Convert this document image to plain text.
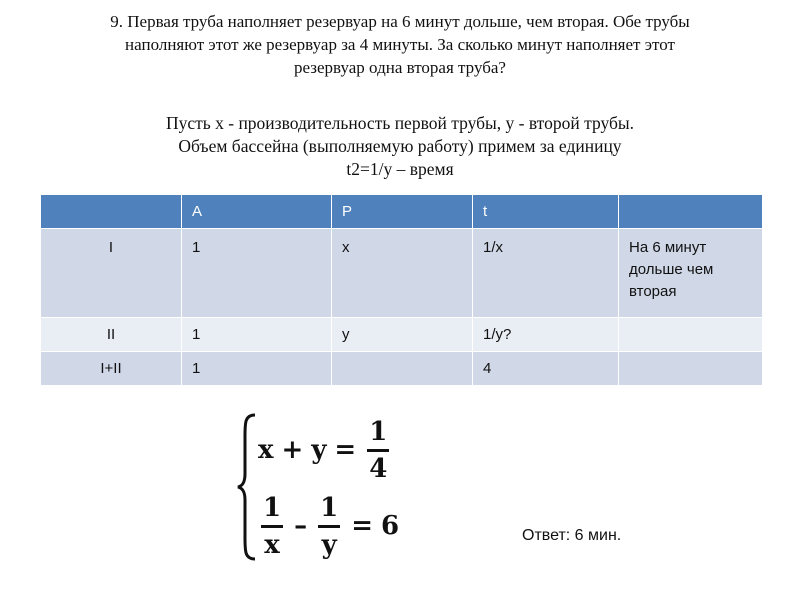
9. Первая труба наполняет резервуар на 6 минут дольше, чем вторая. Обе трубы
наполняют этот же резервуар за 4 минуты. За сколько минут наполняет этот
резервуар одна вторая труба?

Пусть х - производительность первой трубы, у - второй трубы.

Объем бассейна (выполняемую работу) примем за единицу

t2=1/у – время

	A	P	t	
I	1	x	1/x	На 6 минут
дольше чем
вторая

II	1	y	1/y?	
I+II	1		4	
$x + y = \frac{1}{4}$
$\frac{1}{x} - \frac{1}{y} = 6$	Ответ: 6 мин.
